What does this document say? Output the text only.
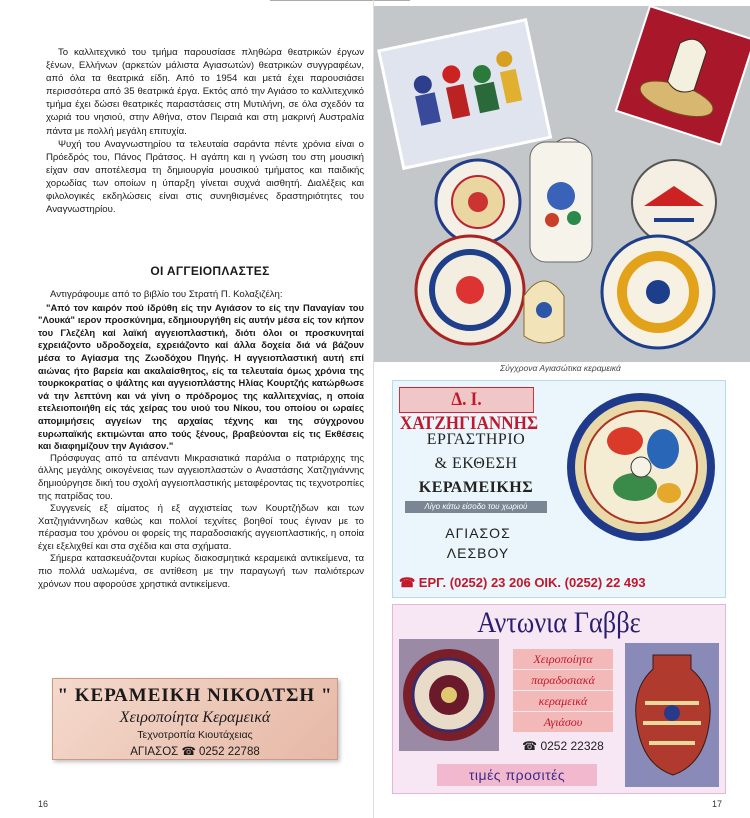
Το καλλιτεχνικό του τμήμα παρουσίασε πληθώρα θεατρικών έργων ξένων, Ελλήνων (αρκετών μάλιστα Αγιασωτών) θεατρικών συγγραφέων, από όλα τα θεατρικά είδη. Από το 1954 και μετά έχει παρουσιάσει περισσότερα από 35 θεατρικά έργα. Εκτός από την Αγιάσο το καλλιτεχνικό τμήμα έχει δώσει θεατρικές παραστάσεις στη Μυτιλήνη, σε όλα σχεδόν τα χωριά του νησιού, στην Αθήνα, στον Πειραιά και στη μακρινή Αυστραλία πάντα με πολλή μεγάλη επιτυχία.

Ψυχή του Αναγνωστηρίου τα τελευταία σαράντα πέντε χρόνια είναι ο Πρόεδρός του, Πάνος Πράτσος. Η αγάπη και η γνώση του στη μουσική είχαν σαν αποτέλεσμα τη δημιουργία μουσικού τμήματος και παιδικής χορωδίας των οποίων η ύπαρξη γίνεται συχνά αισθητή. Διαλέξεις και φιλολογικές εκδηλώσεις είναι στις συνηθισμένες δραστηριότητες του Αναγνωστηρίου.

ΟΙ ΑΓΓΕΙΟΠΛΑΣΤΕΣ

Αντιγράφουμε από το βιβλίο του Στρατή Π. Κολαξιζέλη:

"Από τον καιρόν πού ίδρύθη είς την Αγιάσον το είς την Παναγίαν του "Λουκά" ιερον προσκύνημα, εδημιουργήθη είς αυτήν μέσα είς τον κήπον του Γλεζέλη καί λαϊκή αγγειοπλαστική, διότι όλοι οι προσκυνηταί εχρειάζοντο υδροδοχεία, εχρειάζοντο καί άλλα δοχεία διά νά βάζουν μέσα το Αγίασμα της Ζωοδόχου Πηγής. Η αγγειοπλαστική αυτή επί αιώνας ήτο βαρεία και ακαλαίσθητος, είς τα τελευταία όμως χρόνια της τουρκοκρατίας ο ψάλτης και αγγειοπλάστης Ηλίας Κουρτζής κατώρθωσε νά την λεπτύνη και νά γίνη ο πρόδρομος της καλλιτεχνίας, η οποία ετελειοποιήθη είς τάς χείρας του υιού του Νίκου, του οποίου οι ωραίες απομιμήσεις αγγείων της αρχαίας τέχνης και της σύγχρονου ευρωπαϊκής εκτιμώνται απο τούς ξένους, βραβεύονται είς τις Εκθέσεις και διαφημίζουν την Αγιάσον."

Πρόσφυγας από τα απέναντι Μικρασιατικά παράλια ο πατριάρχης της άλλης μεγάλης οικογένειας των αγγειοπλαστών ο Αναστάσης Χατζηγιάννης δημιούργησε δική του σχολή αγγειοπλαστικής μεταφέροντας τις τεχνοτροπίες της πατρίδας του.

Συγγενείς εξ αίματος ή εξ αγχιστείας των Κουρτζήδων και των Χατζηγιάννηδων καθώς και πολλοί τεχνίτες βοηθοί τους έγιναν με το πέρασμα του χρόνου οι φορείς της παραδοσιακής αγγειοπλαστικής, η οποία έχει εξελιχθεί και στα σχέδια και στα σχήματα.

Σήμερα κατασκευάζονται κυρίως διακοσμητικά κεραμεικά αντικείμενα, τα πιο πολλά υαλωμένα, σε αντίθεση με την παραγωγή των παλιότερων χρόνων που αφορούσε χρηστικά αντικείμενα.

" ΚΕΡΑΜΕΙΚΗ ΝΙΚΟΛΤΣΗ "
Χειροποίητα Κεραμεικά
Τεχνοτροπία Κιουτάχειας
ΑΓΙΑΣΟΣ ☎ 0252 22788
16
Σύγχρονα Αγιασώτικα κεραμεικά
Δ. Ι. ΧΑΤΖΗΓΙΑΝΝΗΣ
ΕΡΓΑΣΤΗΡΙΟ
& ΕΚΘΕΣΗ
ΚΕΡΑΜΕΙΚΗΣ
Λίγο κάτω είσοδο του χωριού
ΑΓΙΑΣΟΣ
ΛΕΣΒΟΥ
☎ ΕΡΓ. (0252) 23 206 ΟΙΚ. (0252) 22 493
Αντωνια Γαββε
Χειροποίητα
παραδοσιακά
κεραμεικά
Αγιάσου
☎ 0252 22328
τιμές προσιτές
17
